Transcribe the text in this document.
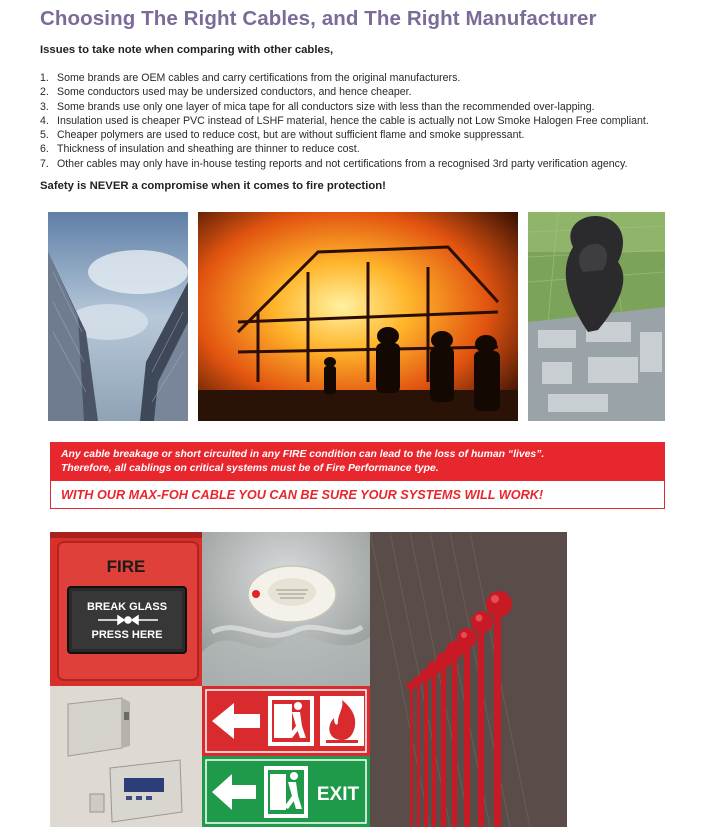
Choosing The Right Cables, and The Right Manufacturer
Issues to take note when comparing with other cables,
1. Some brands are OEM cables and carry certifications from the original manufacturers.
2. Some conductors used may be undersized conductors, and hence cheaper.
3. Some brands use only one layer of mica tape for all conductors size with less than the recommended over-lapping.
4. Insulation used is cheaper PVC instead of LSHF material, hence the cable is actually not Low Smoke Halogen Free compliant.
5. Cheaper polymers are used to reduce cost, but are without sufficient flame and smoke suppressant.
6. Thickness of insulation and sheathing are thinner to reduce cost.
7. Other cables may only have in-house testing reports and not certifications from a recognised 3rd party verification agency.
Safety is NEVER a compromise when it comes to fire protection!
Any cable breakage or short circuited in any FIRE condition can lead to the loss of human “lives”.
Therefore, all cablings on critical systems must be of Fire Performance type.
WITH OUR MAX-FOH CABLE YOU CAN BE SURE YOUR SYSTEMS WILL WORK!
FIRE
BREAK GLASS
PRESS HERE
EXIT
